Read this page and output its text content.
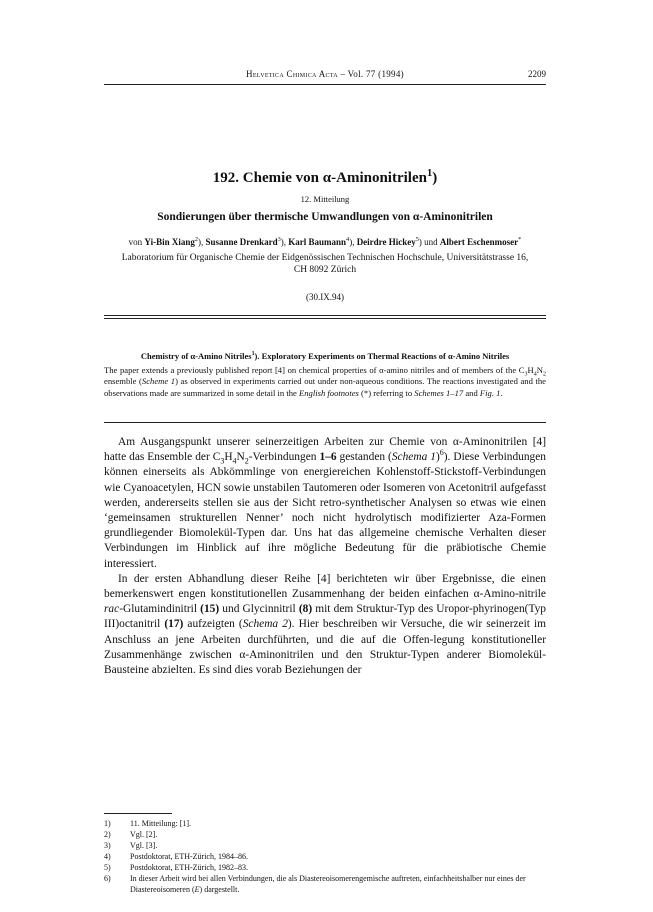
Helvetica Chimica Acta – Vol. 77 (1994)	2209
192. Chemie von α-Aminonitrilen$^1$)
12. Mitteilung
Sondierungen über thermische Umwandlungen von α-Aminonitrilen
von Yi-Bin Xiang$^2$), Susanne Drenkard$^3$), Karl Baumann$^4$), Deirdre Hickey$^5$) und Albert Eschenmoser*
Laboratorium für Organische Chemie der Eidgenössischen Technischen Hochschule, Universitätstrasse 16,
CH 8092 Zürich
(30.IX.94)
Chemistry of α-Amino Nitriles$^1$). Exploratory Experiments on Thermal Reactions of α-Amino Nitriles
The paper extends a previously published report [4] on chemical properties of α-amino nitriles and of members of the $C_3H_4N_2$ ensemble (Scheme 1) as observed in experiments carried out under non-aqueous conditions. The reactions investigated and the observations made are summarized in some detail in the English footnotes (*) referring to Schemes 1–17 and Fig. 1.

Am Ausgangspunkt unserer seinerzeitigen Arbeiten zur Chemie von α-Aminonitrilen [4] hatte das Ensemble der $C_3H_4N_2$-Verbindungen 1–6 gestanden (Schema 1)$^6$). Diese Verbindungen können einerseits als Abkömmlinge von energiereichen Kohlenstoff-Stickstoff-Verbindungen wie Cyanoacetylen, HCN sowie unstabilen Tautomeren oder Isomeren von Acetonitril aufgefasst werden, andererseits stellen sie aus der Sicht retro-synthetischer Analysen so etwas wie einen ‘gemeinsamen strukturellen Nenner’ noch nicht hydrolytisch modifizierter Aza-Formen grundliegender Biomolekül-Typen dar. Uns hat das allgemeine chemische Verhalten dieser Verbindungen im Hinblick auf ihre mögliche Bedeutung für die präbiotische Chemie interessiert.

In der ersten Abhandlung dieser Reihe [4] berichteten wir über Ergebnisse, die einen bemerkenswert engen konstitutionellen Zusammenhang der beiden einfachen α-Amino-nitrile rac-Glutamindinitril (15) und Glycinnitril (8) mit dem Struktur-Typ des Uropor-phyrinogen(Typ III)octanitril (17) aufzeigten (Schema 2). Hier beschreiben wir Versuche, die wir seinerzeit im Anschluss an jene Arbeiten durchführten, und die auf die Offen-legung konstitutioneller Zusammenhänge zwischen α-Aminonitrilen und den Struktur-Typen anderer Biomolekül-Bausteine abzielten. Es sind dies vorab Beziehungen der

1)	11. Mitteilung: [1].
2)	Vgl. [2].
3)	Vgl. [3].
4)	Postdoktorat, ETH-Zürich, 1984–86.
5)	Postdoktorat, ETH-Zürich, 1982–83.
6)	In dieser Arbeit wird bei allen Verbindungen, die als Diastereoisomerengemische auftreten, einfachheitshalber nur eines der Diastereoisomeren (E) dargestellt.
